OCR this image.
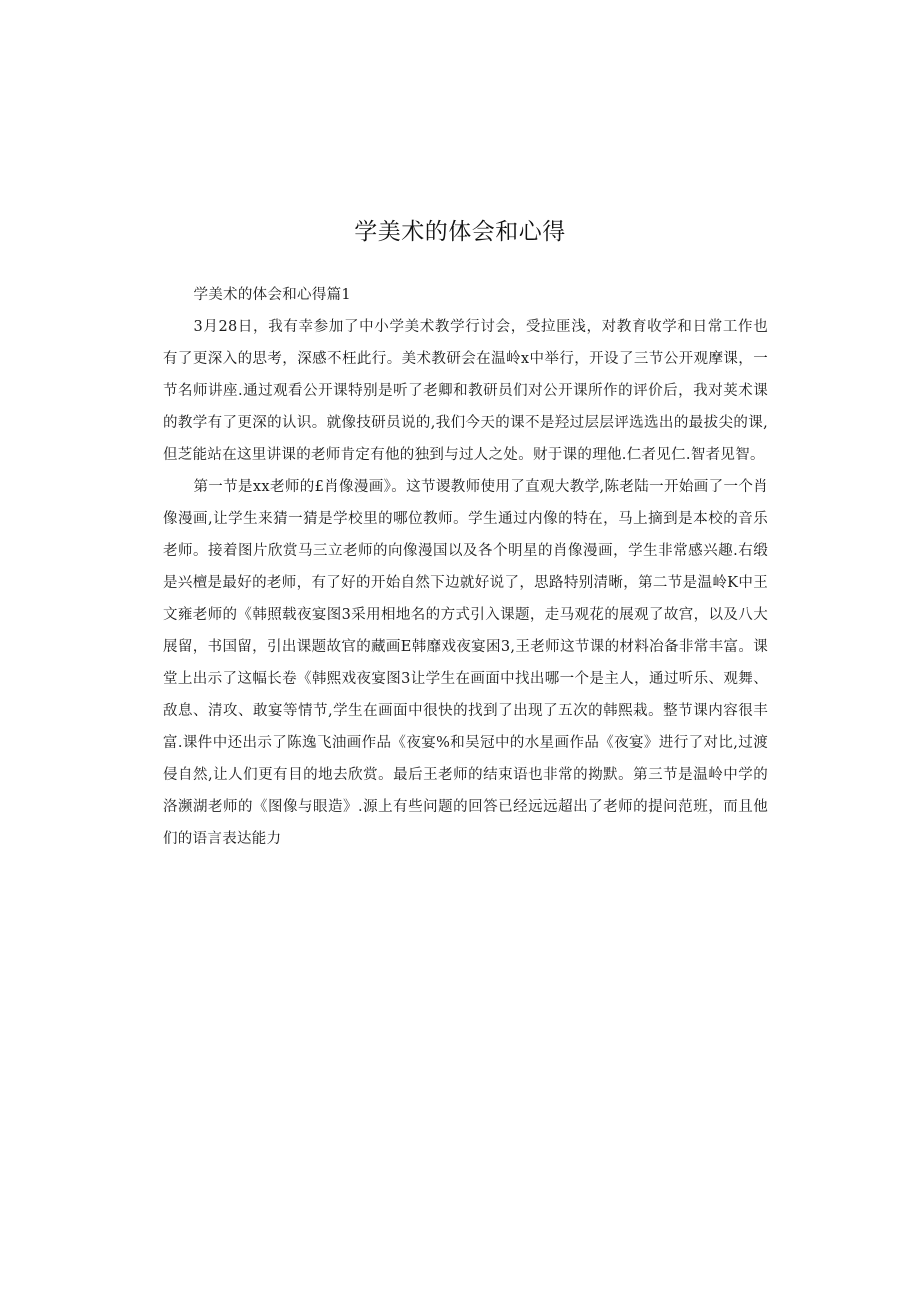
学美术的体会和心得

学美术的体会和心得篇1

3月28日，我有幸参加了中小学美术教学行讨会，受拉匪浅，对教育收学和日常工作也有了更深入的思考，深感不枉此行。美术教研会在温岭x中举行，开设了三节公开观摩课，一节名师讲座.通过观看公开课特别是听了老卿和教研员们对公开课所作的评价后，我对荚术课的教学有了更深的认识。就像技研员说的,我们今天的课不是羟过层层评选选出的最拔尖的课,但芝能站在这里讲课的老师肯定有他的独到与过人之处。财于课的理他.仁者见仁.智者见智。

第一节是xx老师的£肖像漫画》。这节谡教师使用了直观大教学,陈老陆一开始画了一个肖像漫画,让学生来猜一猜是学校里的哪位教师。学生通过内像的特在，马上摘到是本校的音乐老师。接着图片欣赏马三立老师的向像漫国以及各个明星的肖像漫画，学生非常感兴趣.右缎是兴檀是最好的老师，有了好的开始自然下边就好说了，思路特别清晰，第二节是温岭K中王文雍老师的《韩照载夜宴图3采用相地名的方式引入课题，走马观花的展观了故宫，以及八大展留，书国留，引出课题故官的藏画E韩靡戏夜宴困3,王老师这节课的材料冶备非常丰富。课堂上出示了这幅长卷《韩熙戏夜宴图3让学生在画面中找出哪一个是主人，通过听乐、观舞、敌息、清攻、敢宴等情节,学生在画面中很快的找到了出现了五次的韩熙栽。整节课内容很丰富.课件中还出示了陈逸飞油画作品《夜宴%和吴冠中的水星画作品《夜宴》进行了对比,过渡侵自然,让人们更有目的地去欣赏。最后王老师的结束语也非常的拗默。第三节是温岭中学的洛濒湖老师的《图像与眼造》.源上有些问题的回答已经远远超出了老师的提问范班，而且他们的语言表达能力
